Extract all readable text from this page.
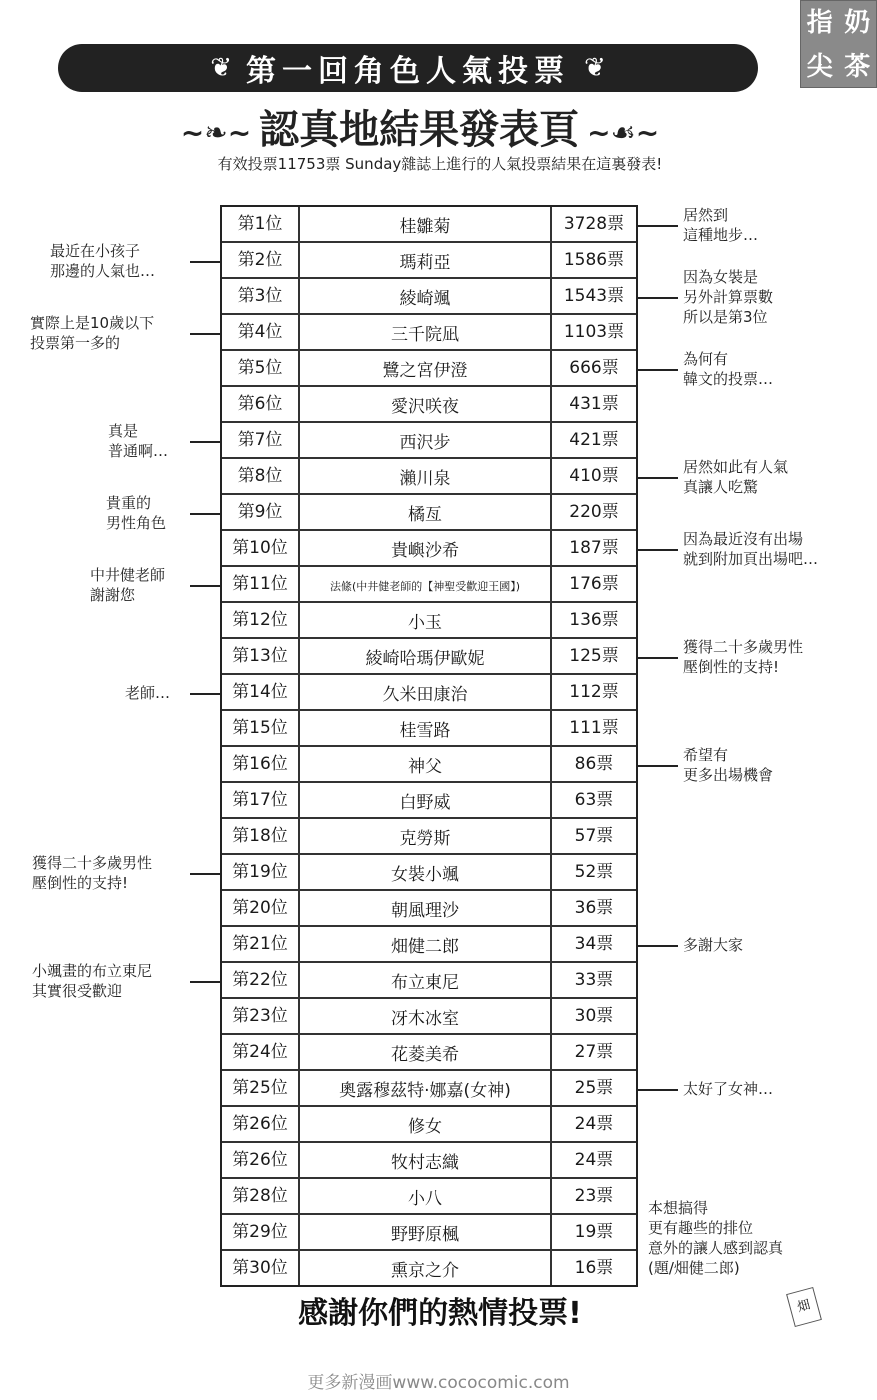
❦ 第一回角色人氣投票 ❦
指 奶
尖 茶
~❧~ 認真地結果發表頁 ~☙~
有效投票11753票 Sunday雜誌上進行的人氣投票結果在這裏發表!
第1位	桂雛菊	3728票
第2位	瑪莉亞	1586票
第3位	綾崎颯	1543票
第4位	三千院凪	1103票
第5位	鷺之宮伊澄	666票
第6位	愛沢咲夜	431票
第7位	西沢步	421票
第8位	瀨川泉	410票
第9位	橘亙	220票
第10位	貴嶼沙希	187票
第11位	法絛(中井健老師的【神聖受歡迎王國】)	176票
第12位	小玉	136票
第13位	綾崎哈瑪伊歐妮	125票
第14位	久米田康治	112票
第15位	桂雪路	111票
第16位	神父	86票
第17位	白野威	63票
第18位	克勞斯	57票
第19位	女裝小颯	52票
第20位	朝風理沙	36票
第21位	畑健二郎	34票
第22位	布立東尼	33票
第23位	冴木冰室	30票
第24位	花菱美希	27票
第25位	奧露穆茲特·娜嘉(女神)	25票
第26位	修女	24票
第26位	牧村志織	24票
第28位	小八	23票
第29位	野野原楓	19票
第30位	熏京之介	16票
最近在小孩子
那邊的人氣也…
實際上是10歲以下
投票第一多的
真是
普通啊…
貴重的
男性角色
中井健老師
謝謝您
老師…
獲得二十多歲男性
壓倒性的支持!
小颯畫的布立東尼
其實很受歡迎
居然到
這種地步…
因為女裝是
另外計算票數
所以是第3位
為何有
韓文的投票…
居然如此有人氣
真讓人吃驚
因為最近沒有出場
就到附加頁出場吧…
獲得二十多歲男性
壓倒性的支持!
希望有
更多出場機會
多謝大家
太好了女神…
本想搞得
更有趣些的排位
意外的讓人感到認真
(題/畑健二郎)
畑
感謝你們的熱情投票!
更多新漫画www.cococomic.com
